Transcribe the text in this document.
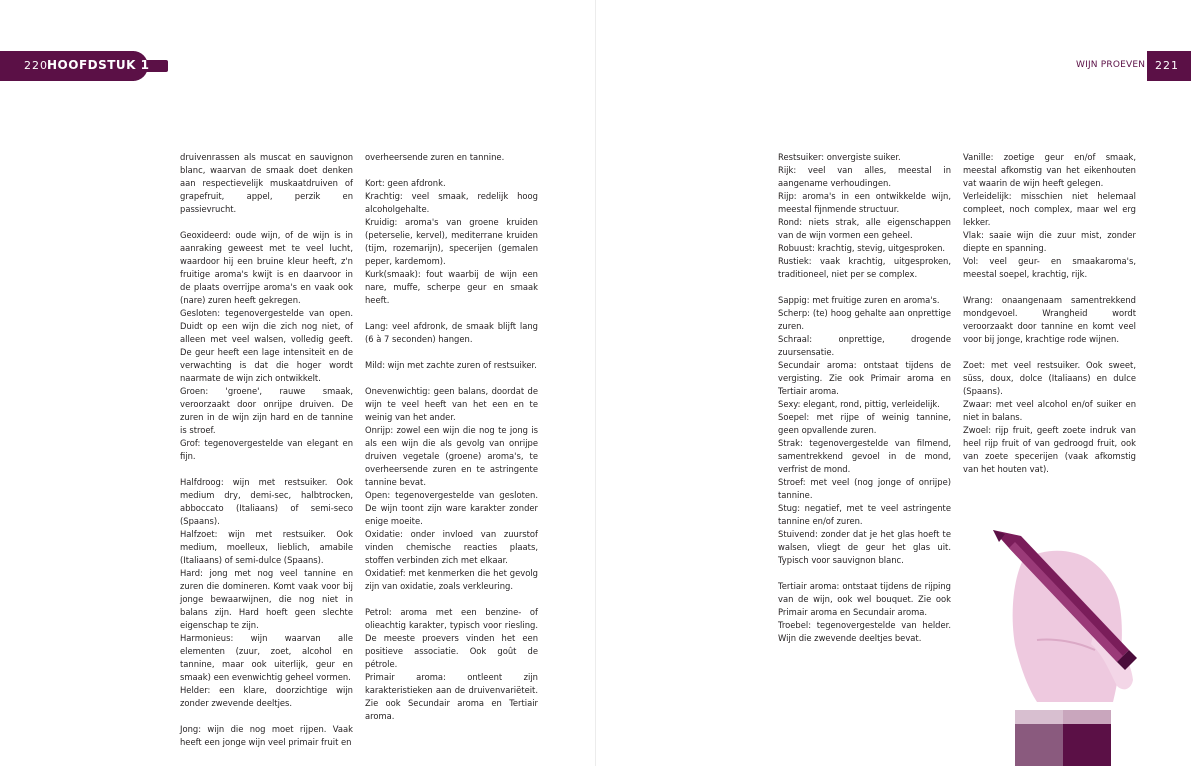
220 HOOFDSTUK 1	WIJN PROEVEN 221

druivenrassen als muscat en sauvignon blanc, waarvan de smaak doet denken aan respectievelijk muskaatdruiven of grapefruit, appel, perzik en passievrucht.

Geoxideerd: oude wijn, of de wijn is in aanraking geweest met te veel lucht, waardoor hij een bruine kleur heeft, z'n fruitige aroma's kwijt is en daarvoor in de plaats overrijpe aroma's en vaak ook (nare) zuren heeft gekregen.

Gesloten: tegenovergestelde van open. Duidt op een wijn die zich nog niet, of alleen met veel walsen, volledig geeft. De geur heeft een lage intensiteit en de verwachting is dat die hoger wordt naarmate de wijn zich ontwikkelt.

Groen: 'groene', rauwe smaak, veroorzaakt door onrijpe druiven. De zuren in de wijn zijn hard en de tannine is stroef.

Grof: tegenovergestelde van elegant en fijn.

Halfdroog: wijn met restsuiker. Ook medium dry, demi-sec, halbtrocken, abboccato (Italiaans) of semi-seco (Spaans).

Halfzoet: wijn met restsuiker. Ook medium, moelleux, lieblich, amabile (Italiaans) of semi-dulce (Spaans).

Hard: jong met nog veel tannine en zuren die domineren. Komt vaak voor bij jonge bewaarwijnen, die nog niet in balans zijn. Hard hoeft geen slechte eigenschap te zijn.

Harmonieus: wijn waarvan alle elementen (zuur, zoet, alcohol en tannine, maar ook uiterlijk, geur en smaak) een evenwichtig geheel vormen.

Helder: een klare, doorzichtige wijn zonder zwevende deeltjes.

Jong: wijn die nog moet rijpen. Vaak heeft een jonge wijn veel primair fruit en

overheersende zuren en tannine.

Kort: geen afdronk.

Krachtig: veel smaak, redelijk hoog alcoholgehalte.

Kruidig: aroma's van groene kruiden (peterselie, kervel), mediterrane kruiden (tijm, rozemarijn), specerijen (gemalen peper, kardemom).

Kurk(smaak): fout waarbij de wijn een nare, muffe, scherpe geur en smaak heeft.

Lang: veel afdronk, de smaak blijft lang (6 à 7 seconden) hangen.

Mild: wijn met zachte zuren of restsuiker.

Onevenwichtig: geen balans, doordat de wijn te veel heeft van het een en te weinig van het ander.

Onrijp: zowel een wijn die nog te jong is als een wijn die als gevolg van onrijpe druiven vegetale (groene) aroma's, te overheersende zuren en te astringente tannine bevat.

Open: tegenovergestelde van gesloten. De wijn toont zijn ware karakter zonder enige moeite.

Oxidatie: onder invloed van zuurstof vinden chemische reacties plaats, stoffen verbinden zich met elkaar.

Oxidatief: met kenmerken die het gevolg zijn van oxidatie, zoals verkleuring.

Petrol: aroma met een benzine- of olieachtig karakter, typisch voor riesling. De meeste proevers vinden het een positieve associatie. Ook goût de pétrole.

Primair aroma: ontleent zijn karakteristieken aan de druivenvariëteit. Zie ook Secundair aroma en Tertiair aroma.

Restsuiker: onvergiste suiker.

Rijk: veel van alles, meestal in aangename verhoudingen.

Rijp: aroma's in een ontwikkelde wijn, meestal fijnmende structuur.

Rond: niets strak, alle eigenschappen van de wijn vormen een geheel.

Robuust: krachtig, stevig, uitgesproken.

Rustiek: vaak krachtig, uitgesproken, traditioneel, niet per se complex.

Sappig: met fruitige zuren en aroma's.

Scherp: (te) hoog gehalte aan onprettige zuren.

Schraal: onprettige, drogende zuursensatie.

Secundair aroma: ontstaat tijdens de vergisting. Zie ook Primair aroma en Tertiair aroma.

Sexy: elegant, rond, pittig, verleidelijk.

Soepel: met rijpe of weinig tannine, geen opvallende zuren.

Strak: tegenovergestelde van filmend, samentrekkend gevoel in de mond, verfrist de mond.

Stroef: met veel (nog jonge of onrijpe) tannine.

Stug: negatief, met te veel astringente tannine en/of zuren.

Stuivend: zonder dat je het glas hoeft te walsen, vliegt de geur het glas uit. Typisch voor sauvignon blanc.

Tertiair aroma: ontstaat tijdens de rijping van de wijn, ook wel bouquet. Zie ook Primair aroma en Secundair aroma.

Troebel: tegenovergestelde van helder. Wijn die zwevende deeltjes bevat.

Vanille: zoetige geur en/of smaak, meestal afkomstig van het eikenhouten vat waarin de wijn heeft gelegen.

Verleidelijk: misschien niet helemaal compleet, noch complex, maar wel erg lekker.

Vlak: saaie wijn die zuur mist, zonder diepte en spanning.

Vol: veel geur- en smaakaroma's, meestal soepel, krachtig, rijk.

Wrang: onaangenaam samentrekkend mondgevoel. Wrangheid wordt veroorzaakt door tannine en komt veel voor bij jonge, krachtige rode wijnen.

Zoet: met veel restsuiker. Ook sweet, süss, doux, dolce (Italiaans) en dulce (Spaans).

Zwaar: met veel alcohol en/of suiker en niet in balans.

Zwoel: rijp fruit, geeft zoete indruk van heel rijp fruit of van gedroogd fruit, ook van zoete specerijen (vaak afkomstig van het houten vat).
